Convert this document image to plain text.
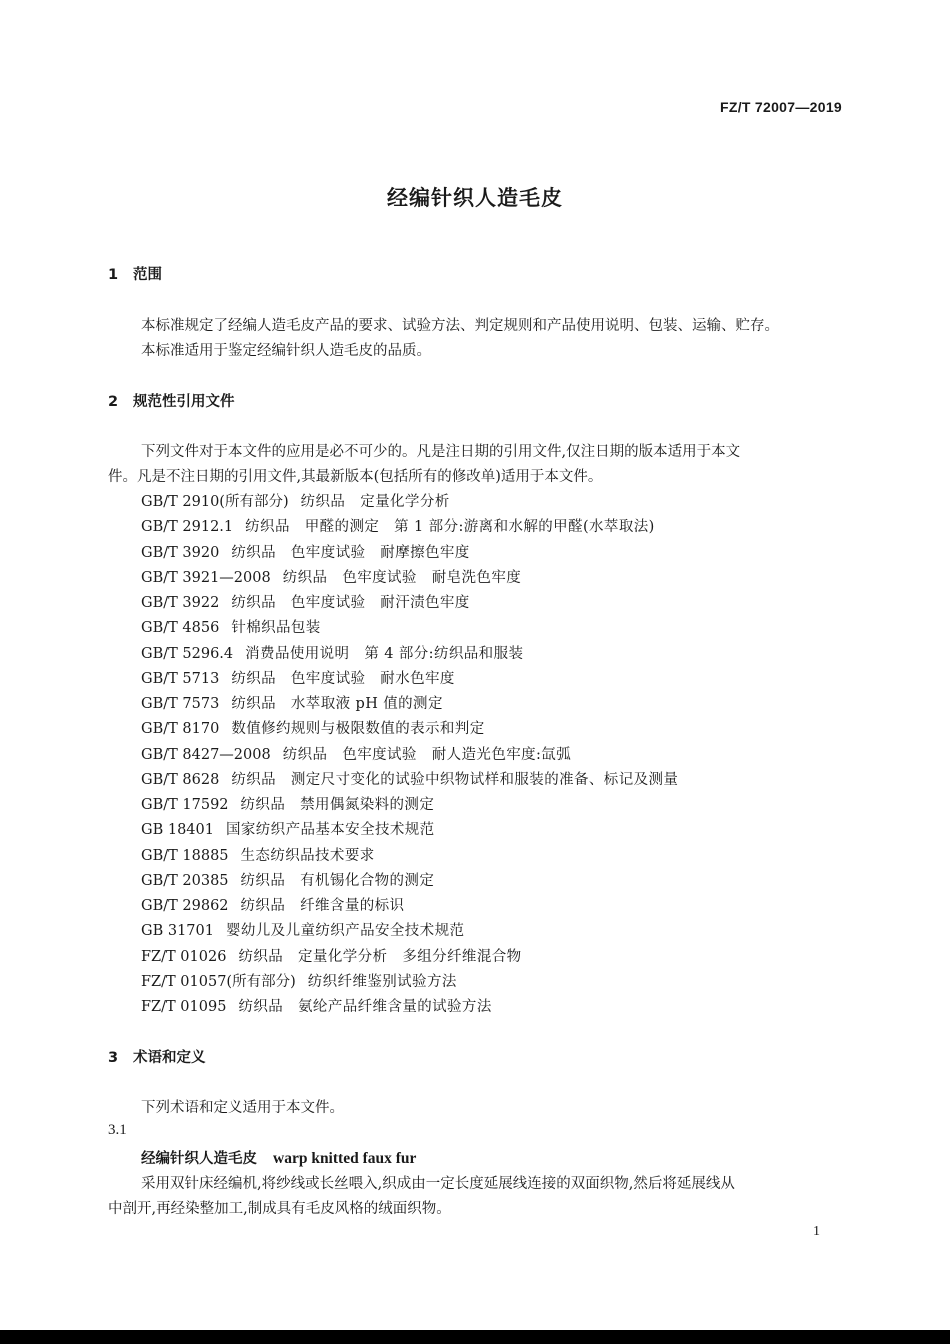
FZ/T 72007—2019
经编针织人造毛皮
1 范围
本标准规定了经编人造毛皮产品的要求、试验方法、判定规则和产品使用说明、包装、运输、贮存。
本标准适用于鉴定经编针织人造毛皮的品质。
2 规范性引用文件
下列文件对于本文件的应用是必不可少的。凡是注日期的引用文件,仅注日期的版本适用于本文
件。凡是不注日期的引用文件,其最新版本(包括所有的修改单)适用于本文件。
GB/T 2910(所有部分) 纺织品　定量化学分析
GB/T 2912.1 纺织品　甲醛的测定　第 1 部分:游离和水解的甲醛(水萃取法)
GB/T 3920 纺织品　色牢度试验　耐摩擦色牢度
GB/T 3921—2008 纺织品　色牢度试验　耐皂洗色牢度
GB/T 3922 纺织品　色牢度试验　耐汗渍色牢度
GB/T 4856 针棉织品包装
GB/T 5296.4 消费品使用说明　第 4 部分:纺织品和服装
GB/T 5713 纺织品　色牢度试验　耐水色牢度
GB/T 7573 纺织品　水萃取液 pH 值的测定
GB/T 8170 数值修约规则与极限数值的表示和判定
GB/T 8427—2008 纺织品　色牢度试验　耐人造光色牢度:氙弧
GB/T 8628 纺织品　测定尺寸变化的试验中织物试样和服装的准备、标记及测量
GB/T 17592 纺织品　禁用偶氮染料的测定
GB 18401 国家纺织产品基本安全技术规范
GB/T 18885 生态纺织品技术要求
GB/T 20385 纺织品　有机锡化合物的测定
GB/T 29862 纺织品　纤维含量的标识
GB 31701 婴幼儿及儿童纺织产品安全技术规范
FZ/T 01026 纺织品　定量化学分析　多组分纤维混合物
FZ/T 01057(所有部分) 纺织纤维鉴别试验方法
FZ/T 01095 纺织品　氨纶产品纤维含量的试验方法
3 术语和定义
下列术语和定义适用于本文件。
3.1
经编针织人造毛皮 warp knitted faux fur
采用双针床经编机,将纱线或长丝喂入,织成由一定长度延展线连接的双面织物,然后将延展线从
中剖开,再经染整加工,制成具有毛皮风格的绒面织物。
1
